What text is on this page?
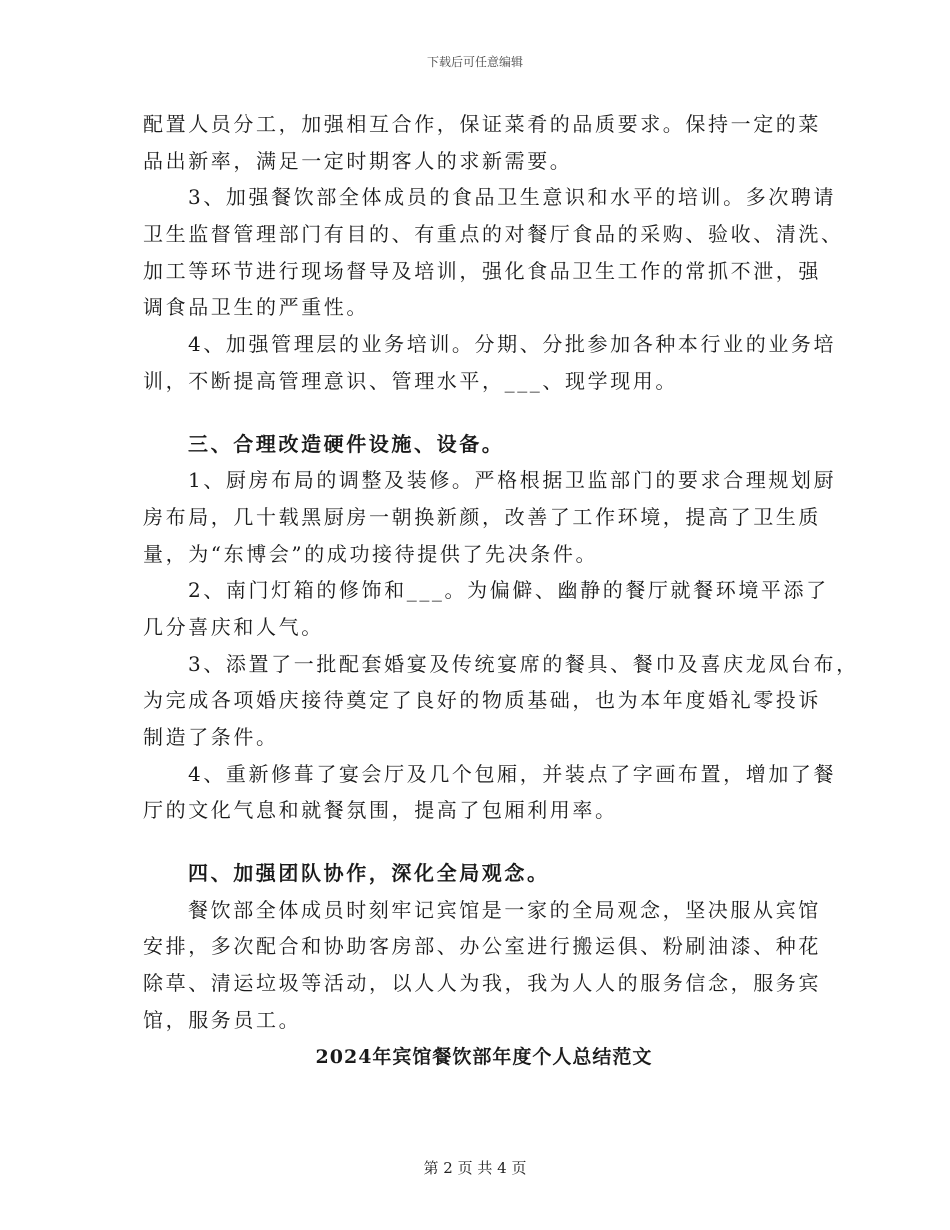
下载后可任意编辑
配置人员分工，加强相互合作，保证菜肴的品质要求。保持一定的菜
品出新率，满足一定时期客人的求新需要。
3、加强餐饮部全体成员的食品卫生意识和水平的培训。多次聘请
卫生监督管理部门有目的、有重点的对餐厅食品的采购、验收、清洗、
加工等环节进行现场督导及培训，强化食品卫生工作的常抓不泄，强
调食品卫生的严重性。
4、加强管理层的业务培训。分期、分批参加各种本行业的业务培
训，不断提高管理意识、管理水平，___、现学现用。
三、合理改造硬件设施、设备。
1、厨房布局的调整及装修。严格根据卫监部门的要求合理规划厨
房布局，几十载黑厨房一朝换新颜，改善了工作环境，提高了卫生质
量，为“东博会”的成功接待提供了先决条件。
2、南门灯箱的修饰和___。为偏僻、幽静的餐厅就餐环境平添了
几分喜庆和人气。
3、添置了一批配套婚宴及传统宴席的餐具、餐巾及喜庆龙凤台布，
为完成各项婚庆接待奠定了良好的物质基础，也为本年度婚礼零投诉
制造了条件。
4、重新修葺了宴会厅及几个包厢，并装点了字画布置，增加了餐
厅的文化气息和就餐氛围，提高了包厢利用率。
四、加强团队协作，深化全局观念。
餐饮部全体成员时刻牢记宾馆是一家的全局观念，坚决服从宾馆
安排，多次配合和协助客房部、办公室进行搬运俱、粉刷油漆、种花
除草、清运垃圾等活动，以人人为我，我为人人的服务信念，服务宾
馆，服务员工。
2024年宾馆餐饮部年度个人总结范文
第 2 页 共 4 页
